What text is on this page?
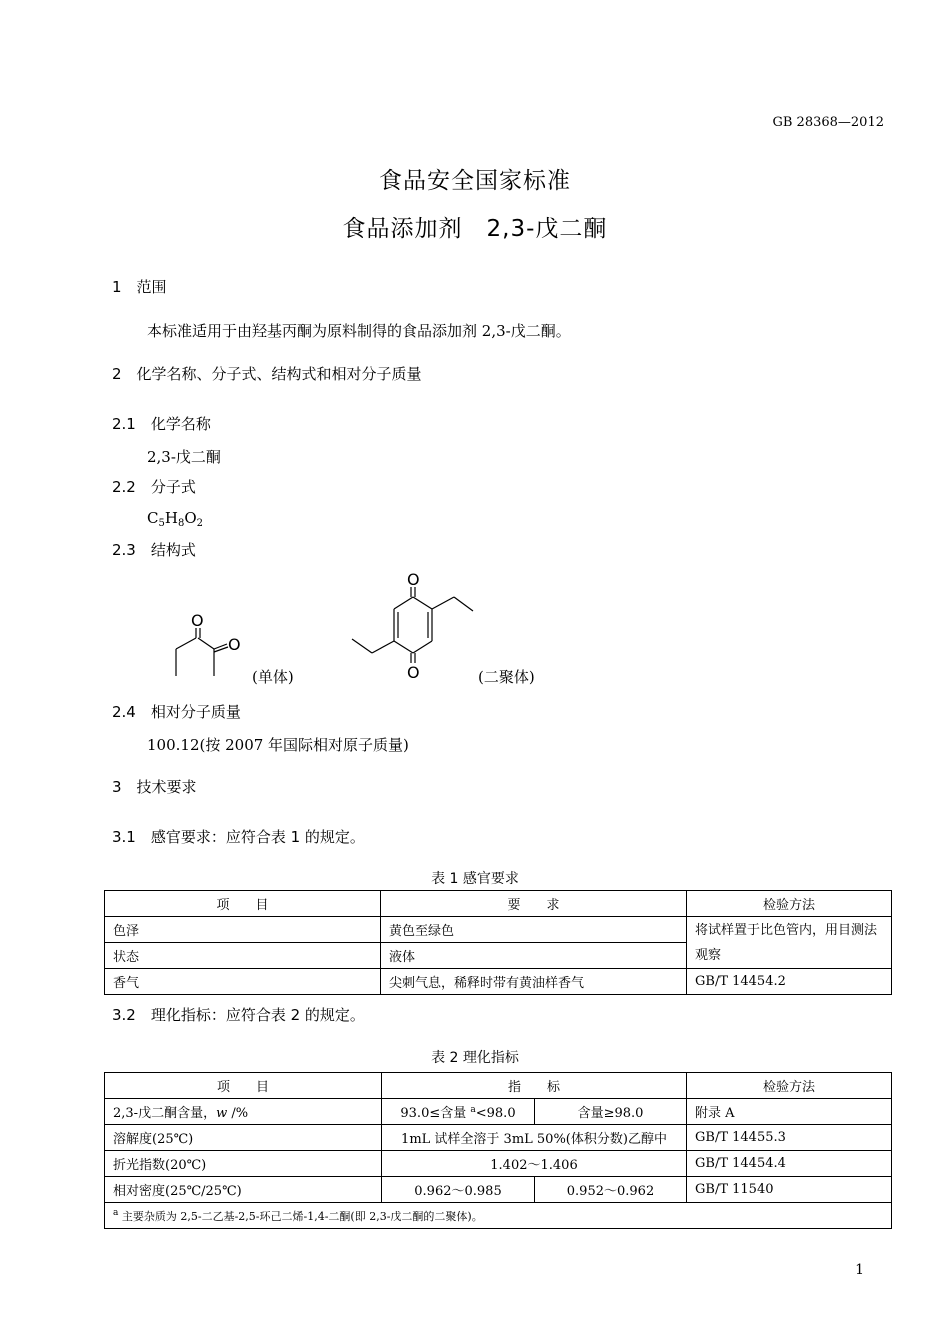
GB 28368—2012
食品安全国家标准
食品添加剂　2,3-戊二酮
1　范围
本标准适用于由羟基丙酮为原料制得的食品添加剂 2,3-戊二酮。
2　化学名称、分子式、结构式和相对分子质量
2.1　化学名称
2,3-戊二酮
2.2　分子式
$C_5H_8O_2$
2.3　结构式
O
O
O
O
(单体)	(二聚体)
2.4　相对分子质量
100.12(按 2007 年国际相对原子质量)
3　技术要求
3.1　感官要求：应符合表 1 的规定。
表 1 感官要求
项　　目	要　　求	检验方法
色泽	黄色至绿色	将试样置于比色管内，用目测法观察
状态	液体	
香气	尖刺气息，稀释时带有黄油样香气	GB/T 14454.2
3.2　理化指标：应符合表 2 的规定。
表 2 理化指标
项　　目	指　　标		检验方法
2,3-戊二酮含量，w /%	93.0≤含量 $^a$<98.0	含量≥98.0	附录 A
溶解度(25℃)	1mL 试样全溶于 3mL 50%(体积分数)乙醇中		GB/T 14455.3
折光指数(20℃)	1.402～1.406		GB/T 14454.4
相对密度(25℃/25℃)	0.962～0.985	0.952～0.962	GB/T 11540
$^a$ 主要杂质为 2,5-二乙基-2,5-环己二烯-1,4-二酮(即 2,3-戊二酮的二聚体)。			
1
